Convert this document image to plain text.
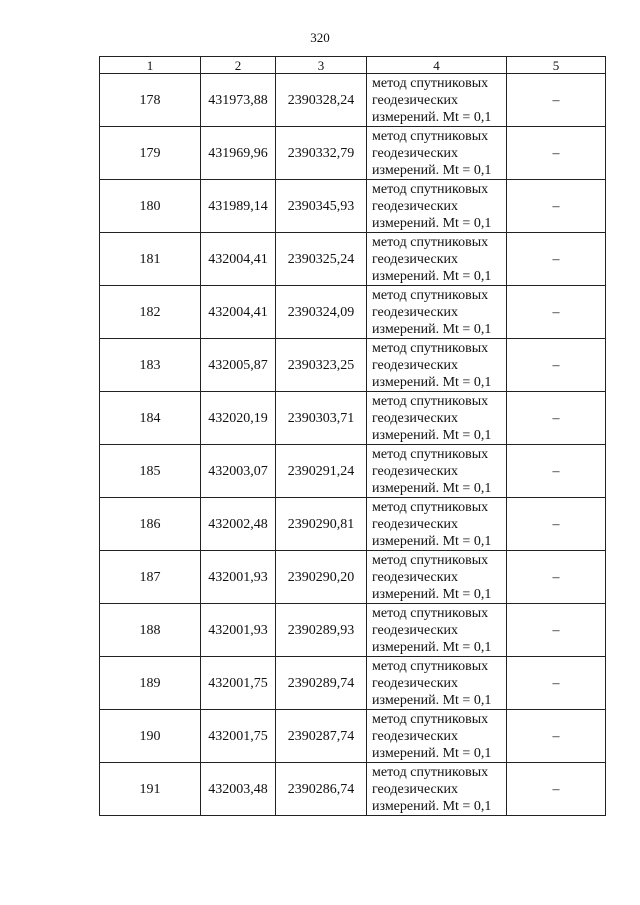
320
1	2	3	4	5
178	431973,88	2390328,24	метод спутниковых
геодезических
измерений. Mt = 0,1	–
179	431969,96	2390332,79	метод спутниковых
геодезических
измерений. Mt = 0,1	–
180	431989,14	2390345,93	метод спутниковых
геодезических
измерений. Mt = 0,1	–
181	432004,41	2390325,24	метод спутниковых
геодезических
измерений. Mt = 0,1	–
182	432004,41	2390324,09	метод спутниковых
геодезических
измерений. Mt = 0,1	–
183	432005,87	2390323,25	метод спутниковых
геодезических
измерений. Mt = 0,1	–
184	432020,19	2390303,71	метод спутниковых
геодезических
измерений. Mt = 0,1	–
185	432003,07	2390291,24	метод спутниковых
геодезических
измерений. Mt = 0,1	–
186	432002,48	2390290,81	метод спутниковых
геодезических
измерений. Mt = 0,1	–
187	432001,93	2390290,20	метод спутниковых
геодезических
измерений. Mt = 0,1	–
188	432001,93	2390289,93	метод спутниковых
геодезических
измерений. Mt = 0,1	–
189	432001,75	2390289,74	метод спутниковых
геодезических
измерений. Mt = 0,1	–
190	432001,75	2390287,74	метод спутниковых
геодезических
измерений. Mt = 0,1	–
191	432003,48	2390286,74	метод спутниковых
геодезических
измерений. Mt = 0,1	–
